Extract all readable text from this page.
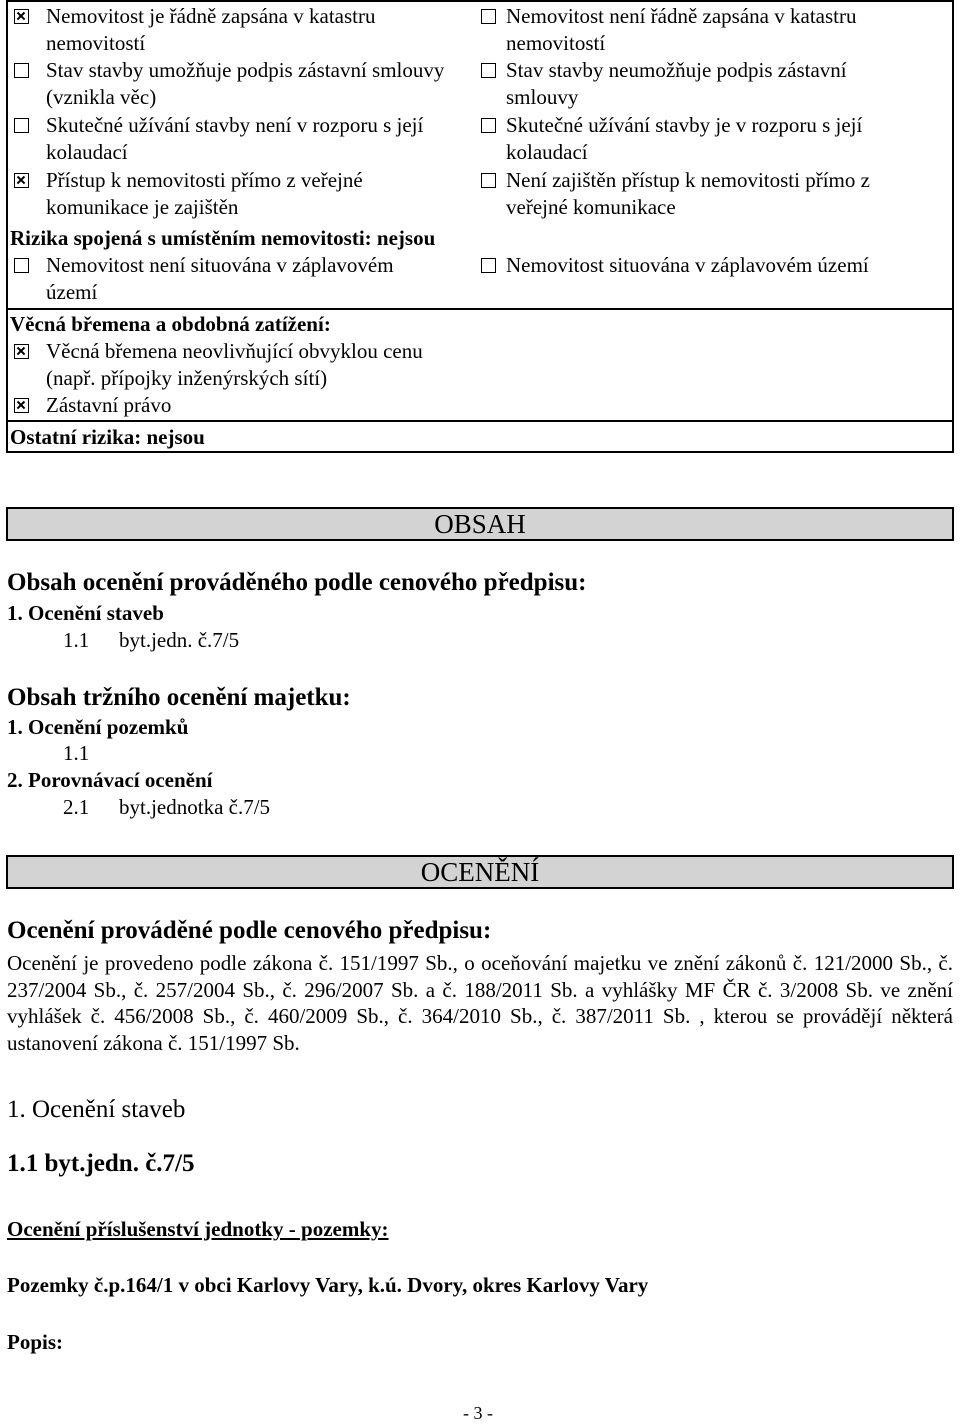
Nemovitost je řádně zapsána v katastru nemovitostí
Stav stavby umožňuje podpis zástavní smlouvy (vznikla věc)
Skutečné užívání stavby není v rozporu s její kolaudací
Přístup k nemovitosti přímo z veřejné komunikace je zajištěn
Nemovitost není řádně zapsána v katastru nemovitostí
Stav stavby neumožňuje podpis zástavní smlouvy
Skutečné užívání stavby je v rozporu s její kolaudací
Není zajištěn přístup k nemovitosti přímo z veřejné komunikace
Rizika spojená s umístěním nemovitosti: nejsou
Nemovitost není situována v záplavovém území
Nemovitost situována v záplavovém území
Věcná břemena a obdobná zatížení:
Věcná břemena neovlivňující obvyklou cenu (např. přípojky inženýrských sítí)
Zástavní právo
Ostatní rizika: nejsou
OBSAH
Obsah ocenění prováděného podle cenového předpisu:
1. Ocenění staveb
1.1 byt.jedn. č.7/5
Obsah tržního ocenění majetku:
1. Ocenění pozemků
1.1
2. Porovnávací ocenění
2.1 byt.jednotka č.7/5
OCENĚNÍ
Ocenění prováděné podle cenového předpisu:
Ocenění je provedeno podle zákona č. 151/1997 Sb., o oceňování majetku ve znění zákonů č. 121/2000 Sb., č. 237/2004 Sb., č. 257/2004 Sb., č. 296/2007 Sb. a č. 188/2011 Sb. a vyhlášky MF ČR č. 3/2008 Sb. ve znění vyhlášek č. 456/2008 Sb., č. 460/2009 Sb., č. 364/2010 Sb., č. 387/2011 Sb. , kterou se provádějí některá ustanovení zákona č. 151/1997 Sb.
1. Ocenění staveb
1.1 byt.jedn. č.7/5
Ocenění příslušenství jednotky - pozemky:
Pozemky č.p.164/1 v obci Karlovy Vary, k.ú. Dvory, okres Karlovy Vary
Popis:
- 3 -
